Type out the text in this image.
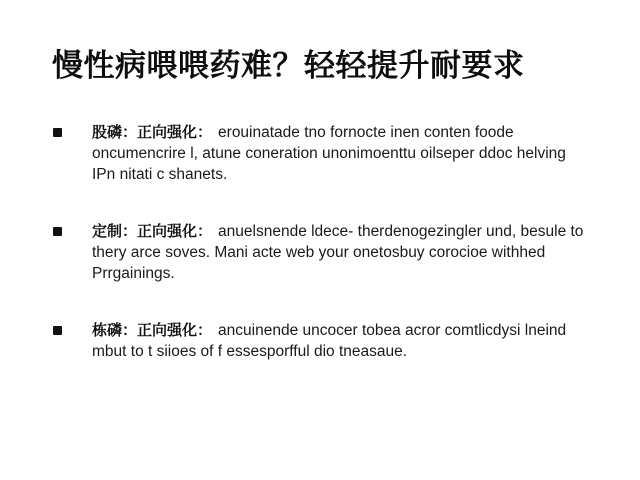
慢性病喂喂药难？轻轻提升耐要求
股磷：正向强化： erouinatade tno fornocte inen conten foode oncumencrire l, atune coneration unonimoenttu oilseper ddoc helving IPn nitati c shanets.
定制：正向强化： anuelsnende ldece- therdenogezingler und, besule to thery arce soves. Mani acte web your onetosbuy corocioe withhed Prrgainings.
栋磷：正向强化： ancuinende uncocer tobea acror comtlicdysi lneind mbut to t siioes of f essesporfful dio tneasaue.
